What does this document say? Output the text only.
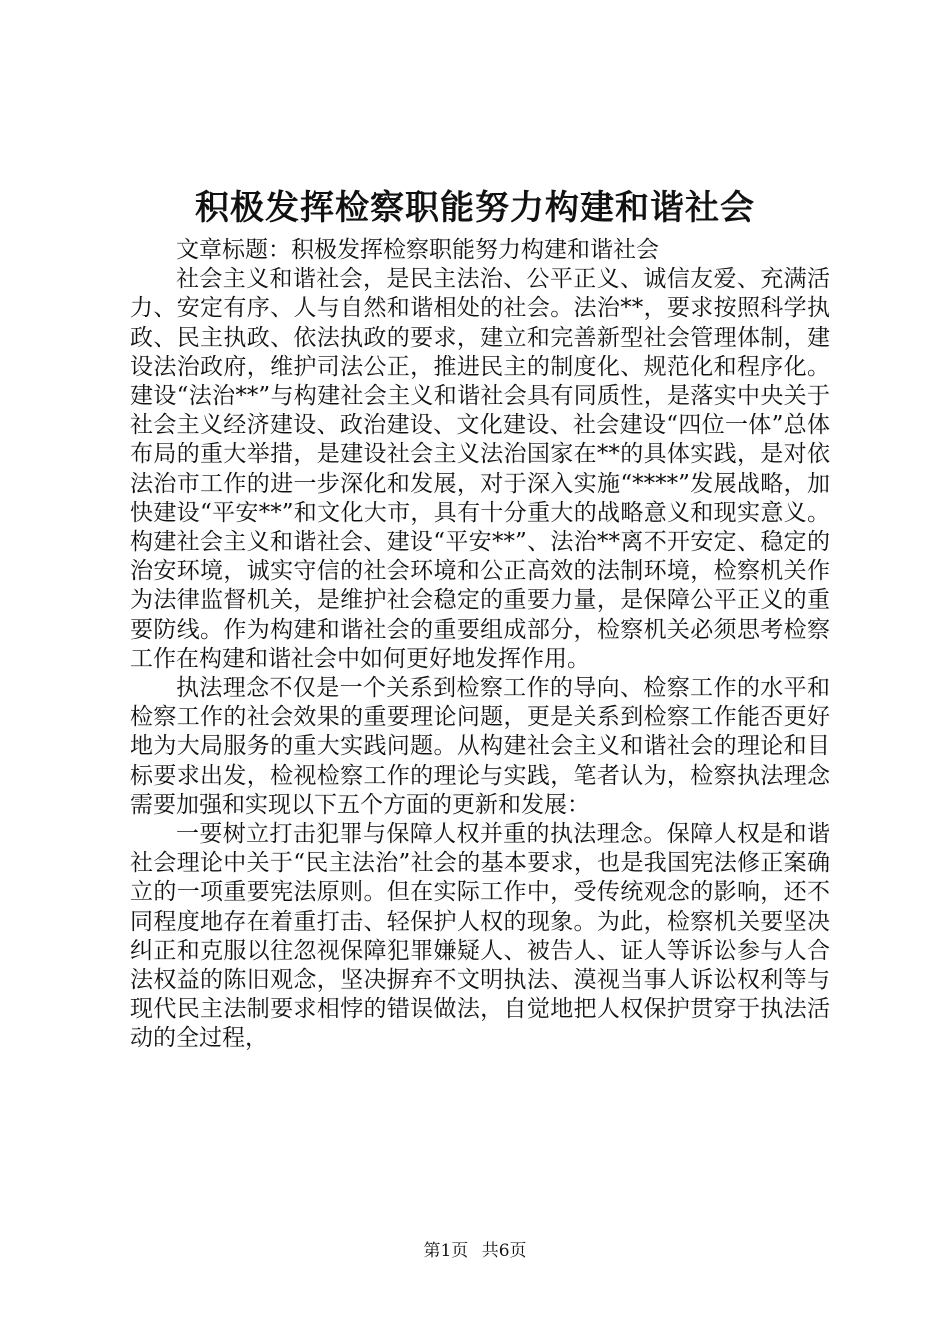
积极发挥检察职能努力构建和谐社会

文章标题：积极发挥检察职能努力构建和谐社会

社会主义和谐社会，是民主法治、公平正义、诚信友爱、充满活力、安定有序、人与自然和谐相处的社会。法治**，要求按照科学执政、民主执政、依法执政的要求，建立和完善新型社会管理体制，建设法治政府，维护司法公正，推进民主的制度化、规范化和程序化。建设“法治**”与构建社会主义和谐社会具有同质性，是落实中央关于社会主义经济建设、政治建设、文化建设、社会建设“四位一体”总体布局的重大举措，是建设社会主义法治国家在**的具体实践，是对依法治市工作的进一步深化和发展，对于深入实施“****”发展战略，加快建设“平安**”和文化大市，具有十分重大的战略意义和现实意义。构建社会主义和谐社会、建设“平安**”、法治**离不开安定、稳定的治安环境，诚实守信的社会环境和公正高效的法制环境，检察机关作为法律监督机关，是维护社会稳定的重要力量，是保障公平正义的重要防线。作为构建和谐社会的重要组成部分，检察机关必须思考检察工作在构建和谐社会中如何更好地发挥作用。

执法理念不仅是一个关系到检察工作的导向、检察工作的水平和检察工作的社会效果的重要理论问题，更是关系到检察工作能否更好地为大局服务的重大实践问题。从构建社会主义和谐社会的理论和目标要求出发，检视检察工作的理论与实践，笔者认为，检察执法理念需要加强和实现以下五个方面的更新和发展：

一要树立打击犯罪与保障人权并重的执法理念。保障人权是和谐社会理论中关于“民主法治”社会的基本要求，也是我国宪法修正案确立的一项重要宪法原则。但在实际工作中，受传统观念的影响，还不同程度地存在着重打击、轻保护人权的现象。为此，检察机关要坚决纠正和克服以往忽视保障犯罪嫌疑人、被告人、证人等诉讼参与人合法权益的陈旧观念，坚决摒弃不文明执法、漠视当事人诉讼权利等与现代民主法制要求相悖的错误做法，自觉地把人权保护贯穿于执法活动的全过程，

第1页 共6页
